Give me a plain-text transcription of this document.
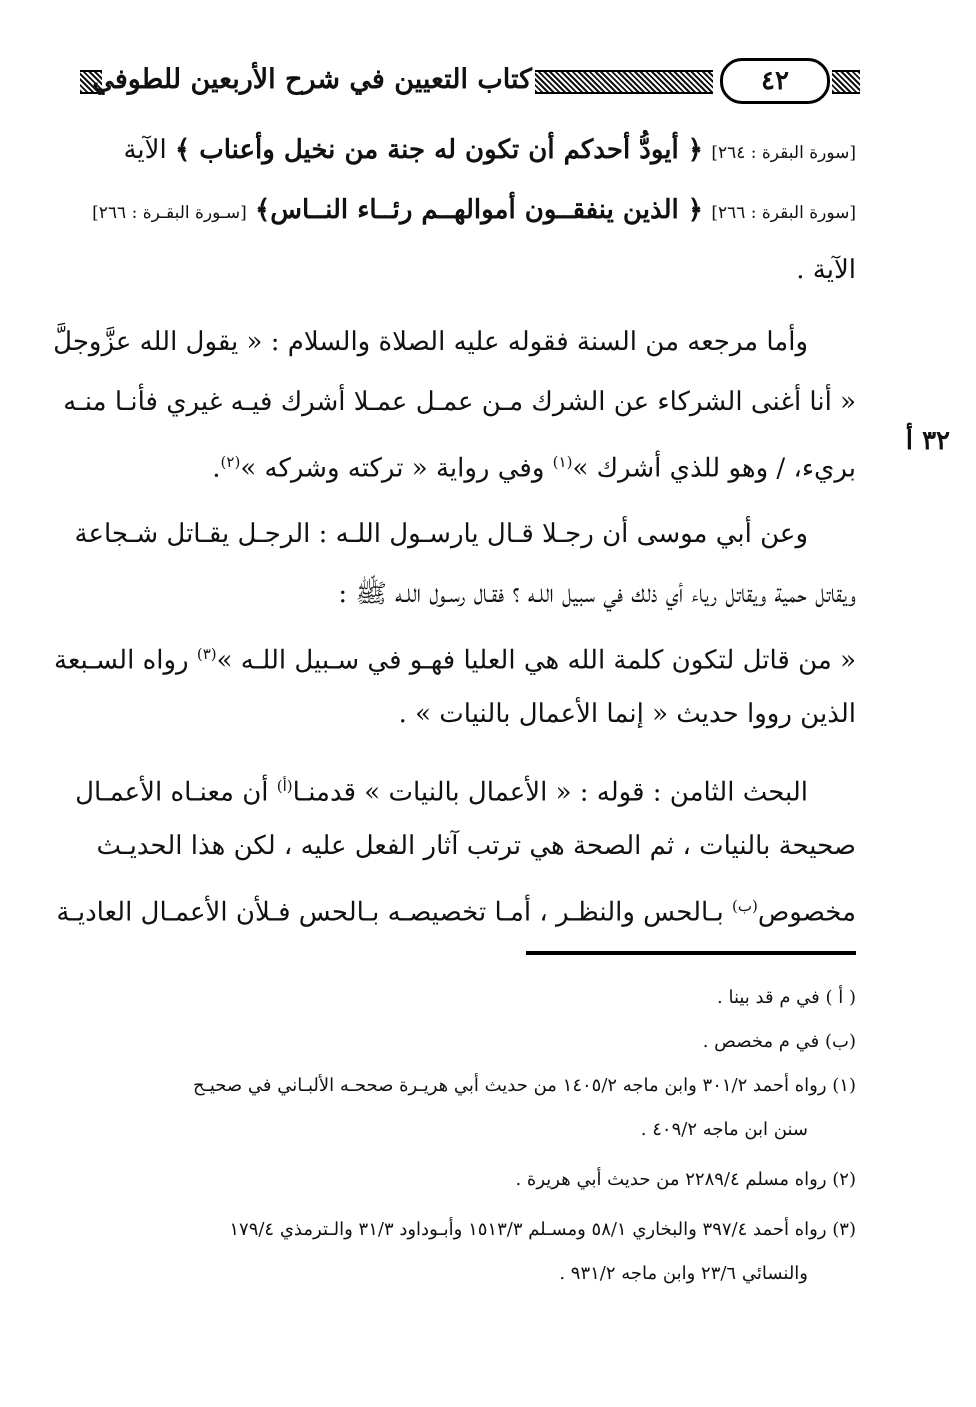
كتاب التعيين في شرح الأربعين للطوفي	٤٢
٣٢ أ
[سورة البقرة : ٢٦٤] ﴿ أيودُّ أحدكم أن تكون له جنة من نخيل وأعناب ﴾ الآية
[سورة البقرة : ٢٦٦] ﴿ الذين ينفقــون أموالهــم رئــاء النــاس﴾ [سـورة البقـرة : ٢٦٦]
الآية .
وأما مرجعه من السنة فقوله عليه الصلاة والسلام : « يقول الله عزَّوجلَّ
« أنا أغنى الشركاء عن الشرك مـن عمـل عمـلا أشرك فيـه غيري فأنـا منـه
بريء، / وهو للذي أشرك »$^{(١)}$ وفي رواية « تركته وشركه »$^{(٢)}$.
وعن أبي موسى أن رجـلا قـال يارسـول اللـه : الرجـل يقـاتل شـجاعة
ويقاتل حمية ويقاتل رياء أي ذلك في سبيل اللـه ؟ فقـال رسـول اللـه ﷺ :
« من قاتل لتكون كلمة الله هي العليا فهـو في سـبيل اللـه »$^{(٣)}$ رواه السـبعة
الذين رووا حديث « إنما الأعمال بالنيات » .
البحث الثامن : قوله : « الأعمال بالنيات » قدمنـا$^{(أ)}$ أن معنـاه الأعمـال
صحيحة بالنيات ، ثم الصحة هي ترتب آثار الفعل عليه ، لكن هذا الحديـث
مخصوص$^{(ب)}$ بـالحس والنظـر ، أمـا تخصيصـه بـالحس فـلأن الأعمـال العاديـة
( أ ) في م قد بينا .
(ب) في م مخصص .
(١) رواه أحمد ٣٠١/٢ وابن ماجه ١٤٠٥/٢ من حديث أبي هريـرة صححـه الألبـاني في صحيـح
سنن ابن ماجه ٤٠٩/٢ .
(٢) رواه مسلم ٢٢٨٩/٤ من حديث أبي هريرة .
(٣) رواه أحمد ٣٩٧/٤ والبخاري ٥٨/١ ومسـلم ١٥١٣/٣ وأبـوداود ٣١/٣ والـترمذي ١٧٩/٤
والنسائي ٢٣/٦ وابن ماجه ٩٣١/٢ .
